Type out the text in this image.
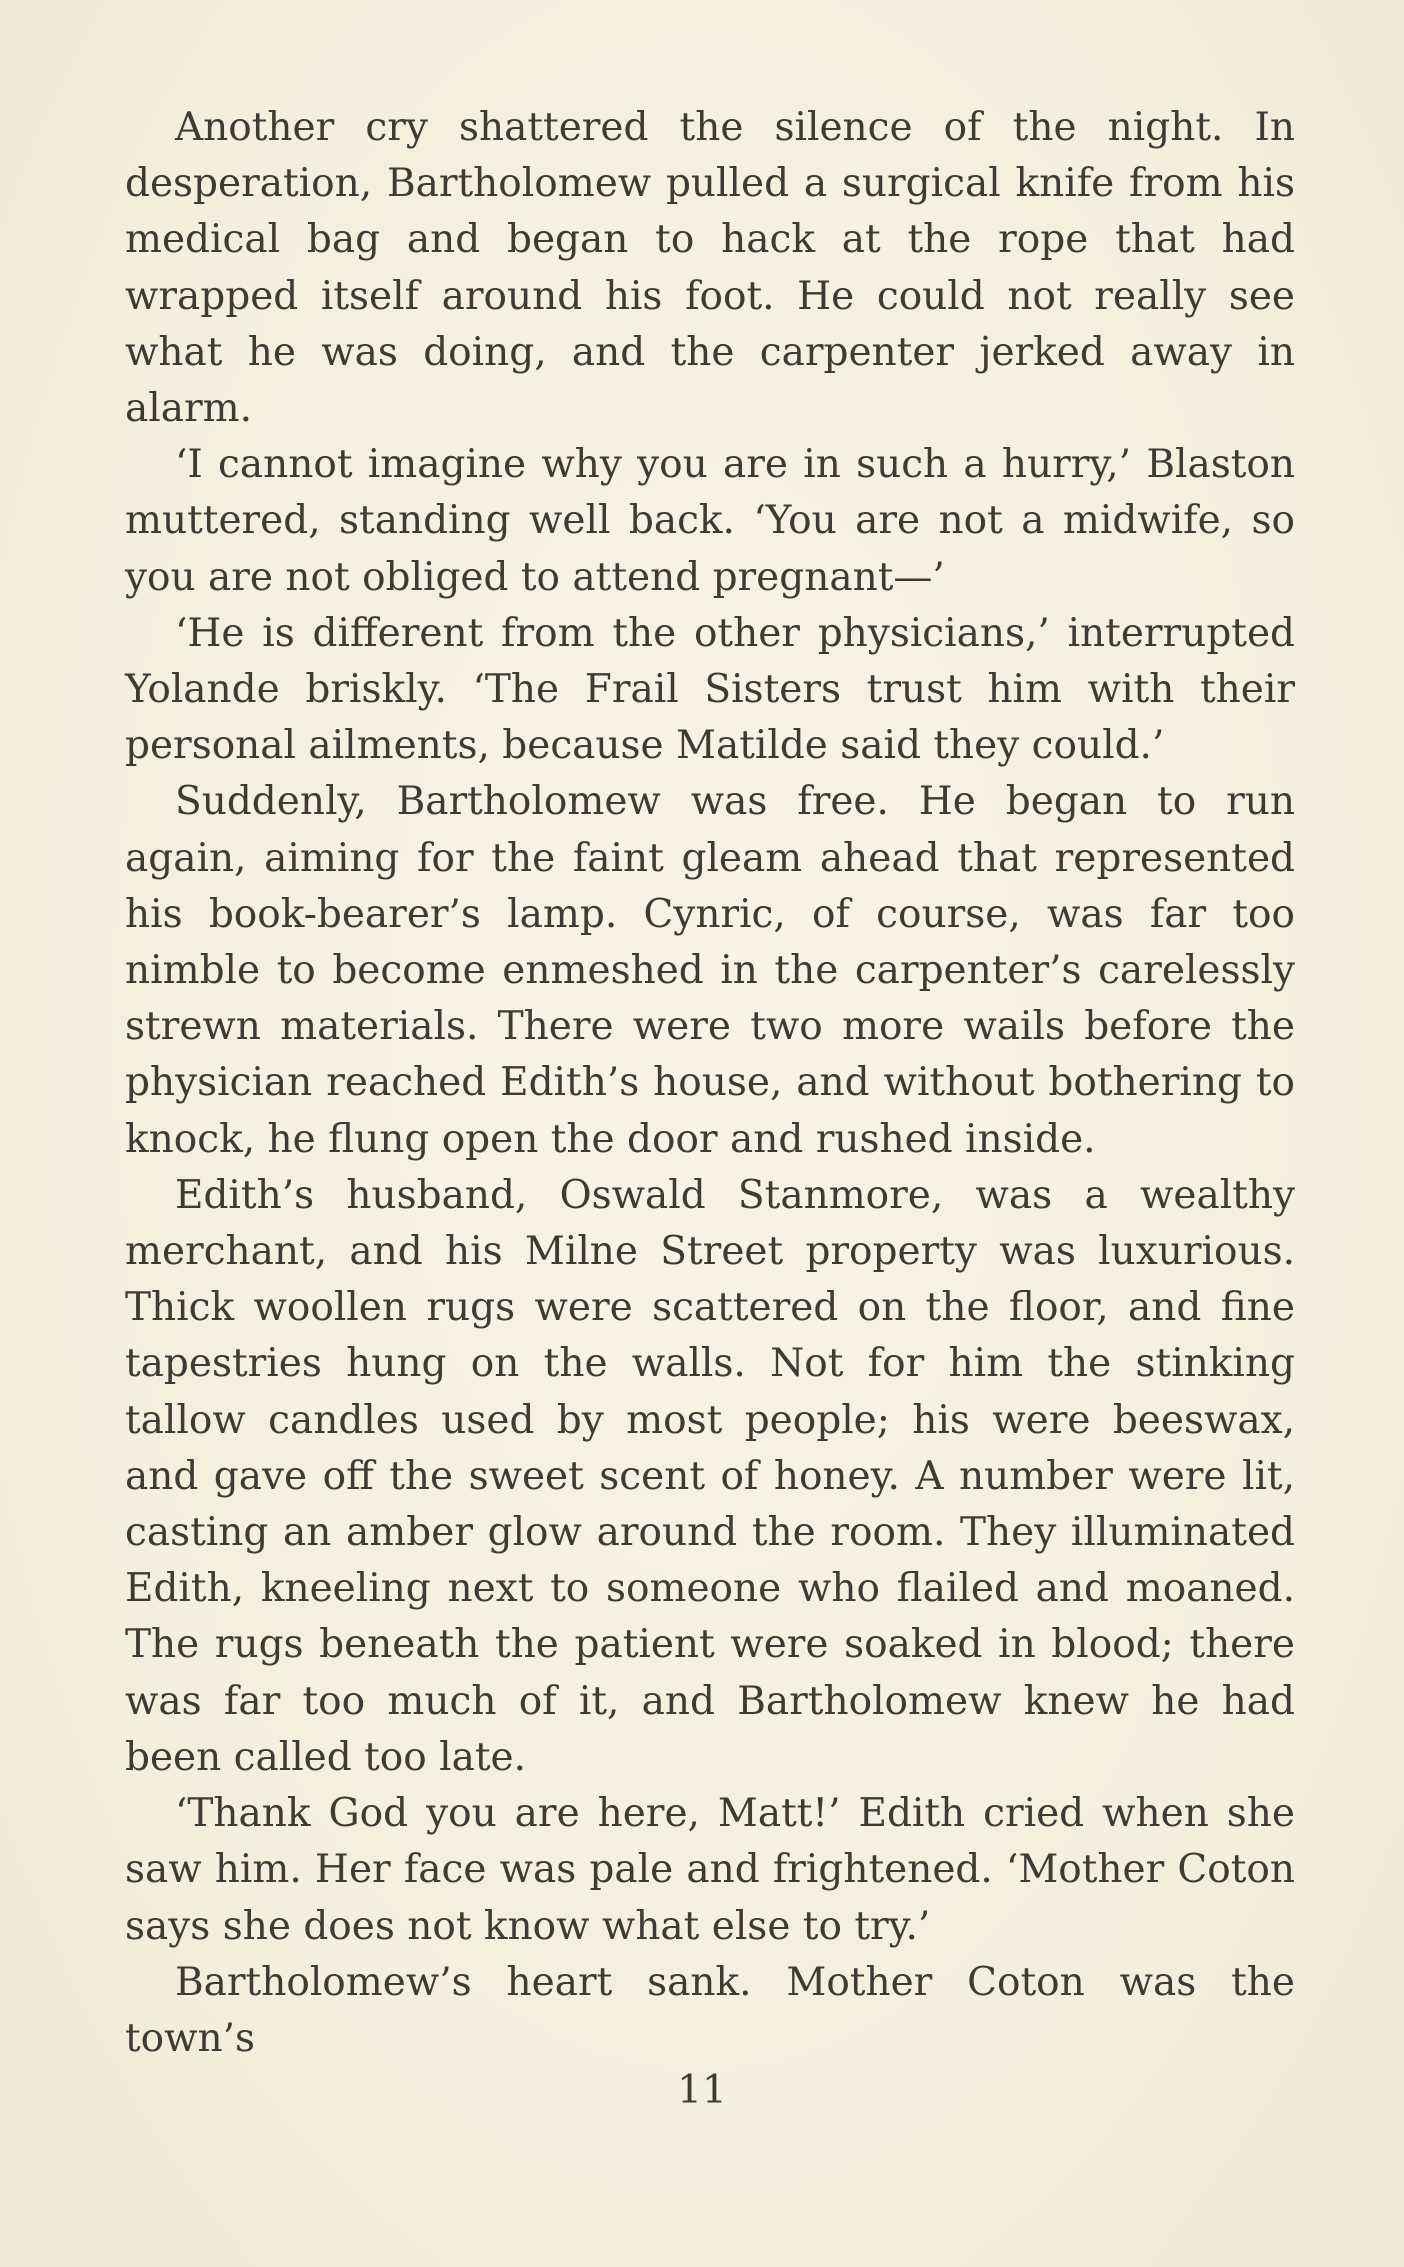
Another cry shattered the silence of the night. In desperation, Bartholomew pulled a surgical knife from his medical bag and began to hack at the rope that had wrapped itself around his foot. He could not really see what he was doing, and the carpenter jerked away in alarm.

‘I cannot imagine why you are in such a hurry,’ Blaston muttered, standing well back. ‘You are not a midwife, so you are not obliged to attend pregnant—’

‘He is different from the other physicians,’ interrupted Yolande briskly. ‘The Frail Sisters trust him with their personal ailments, because Matilde said they could.’

Suddenly, Bartholomew was free. He began to run again, aiming for the faint gleam ahead that represented his book-bearer’s lamp. Cynric, of course, was far too nimble to become enmeshed in the carpenter’s carelessly strewn materials. There were two more wails before the physician reached Edith’s house, and without bothering to knock, he flung open the door and rushed inside.

Edith’s husband, Oswald Stanmore, was a wealthy merchant, and his Milne Street property was luxurious. Thick woollen rugs were scattered on the floor, and fine tapestries hung on the walls. Not for him the stinking tallow candles used by most people; his were beeswax, and gave off the sweet scent of honey. A number were lit, casting an amber glow around the room. They illuminated Edith, kneeling next to someone who flailed and moaned. The rugs beneath the patient were soaked in blood; there was far too much of it, and Bartholomew knew he had been called too late.

‘Thank God you are here, Matt!’ Edith cried when she saw him. Her face was pale and frightened. ‘Mother Coton says she does not know what else to try.’

Bartholomew’s heart sank. Mother Coton was the town’s

11
